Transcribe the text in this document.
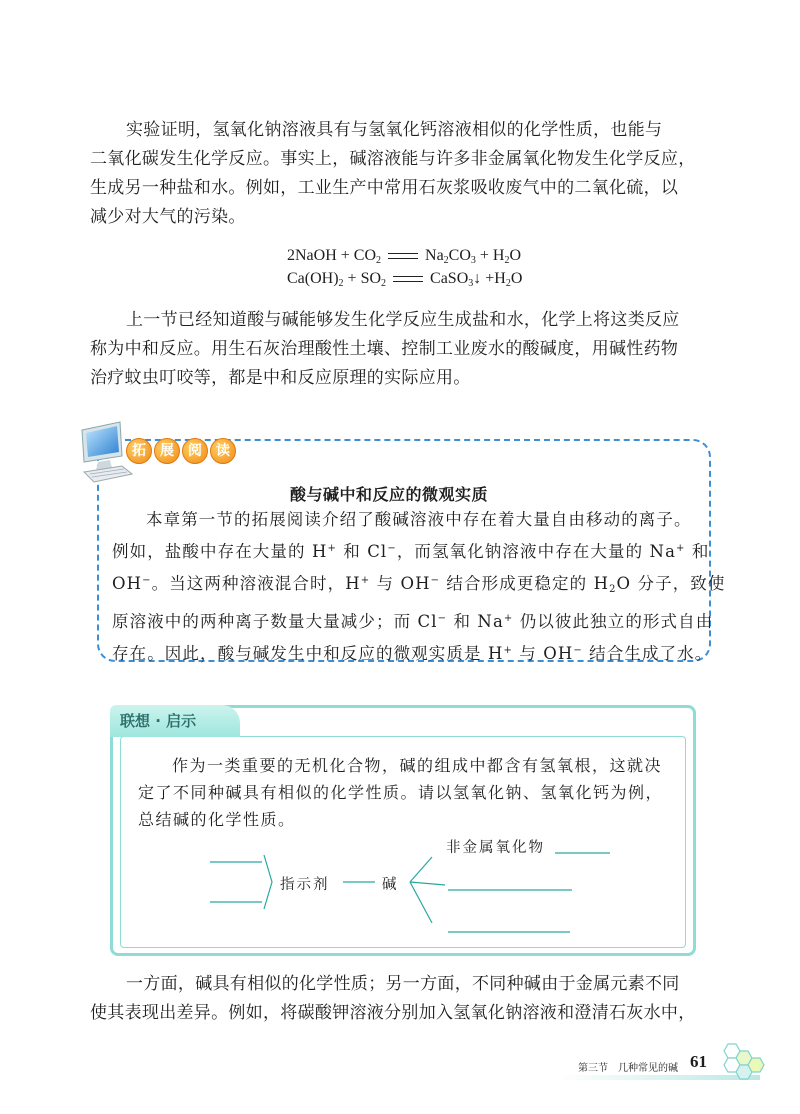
实验证明，氢氧化钠溶液具有与氢氧化钙溶液相似的化学性质，也能与
二氧化碳发生化学反应。事实上，碱溶液能与许多非金属氧化物发生化学反应，
生成另一种盐和水。例如，工业生产中常用石灰浆吸收废气中的二氧化硫，以
减少对大气的污染。
2NaOH + $CO_2$	$Na_2CO_3 + H_2O$
$Ca(OH)_2 + SO_2$	CaSO$_3$↓ $+H_2O$
上一节已经知道酸与碱能够发生化学反应生成盐和水，化学上将这类反应
称为中和反应。用生石灰治理酸性土壤、控制工业废水的酸碱度，用碱性药物
治疗蚊虫叮咬等，都是中和反应原理的实际应用。
拓	展	阅	读
酸与碱中和反应的微观实质
本章第一节的拓展阅读介绍了酸碱溶液中存在着大量自由移动的离子。
例如，盐酸中存在大量的 H+ 和 Cl−，而氢氧化钠溶液中存在大量的 Na+ 和
OH−。当这两种溶液混合时，H+ 与 OH− 结合形成更稳定的 $H_2O$ 分子，致使
原溶液中的两种离子数量大量减少；而 Cl− 和 Na+ 仍以彼此独立的形式自由
存在。因此，酸与碱发生中和反应的微观实质是 H+ 与 OH− 结合生成了水。
联想 · 启示
作为一类重要的无机化合物，碱的组成中都含有氢氧根，这就决
定了不同种碱具有相似的化学性质。请以氢氧化钠、氢氧化钙为例，
总结碱的化学性质。
指示剂	碱
非金属氧化物
一方面，碱具有相似的化学性质；另一方面，不同种碱由于金属元素不同
使其表现出差异。例如，将碳酸钾溶液分别加入氢氧化钠溶液和澄清石灰水中，
第三节　几种常见的碱 61
